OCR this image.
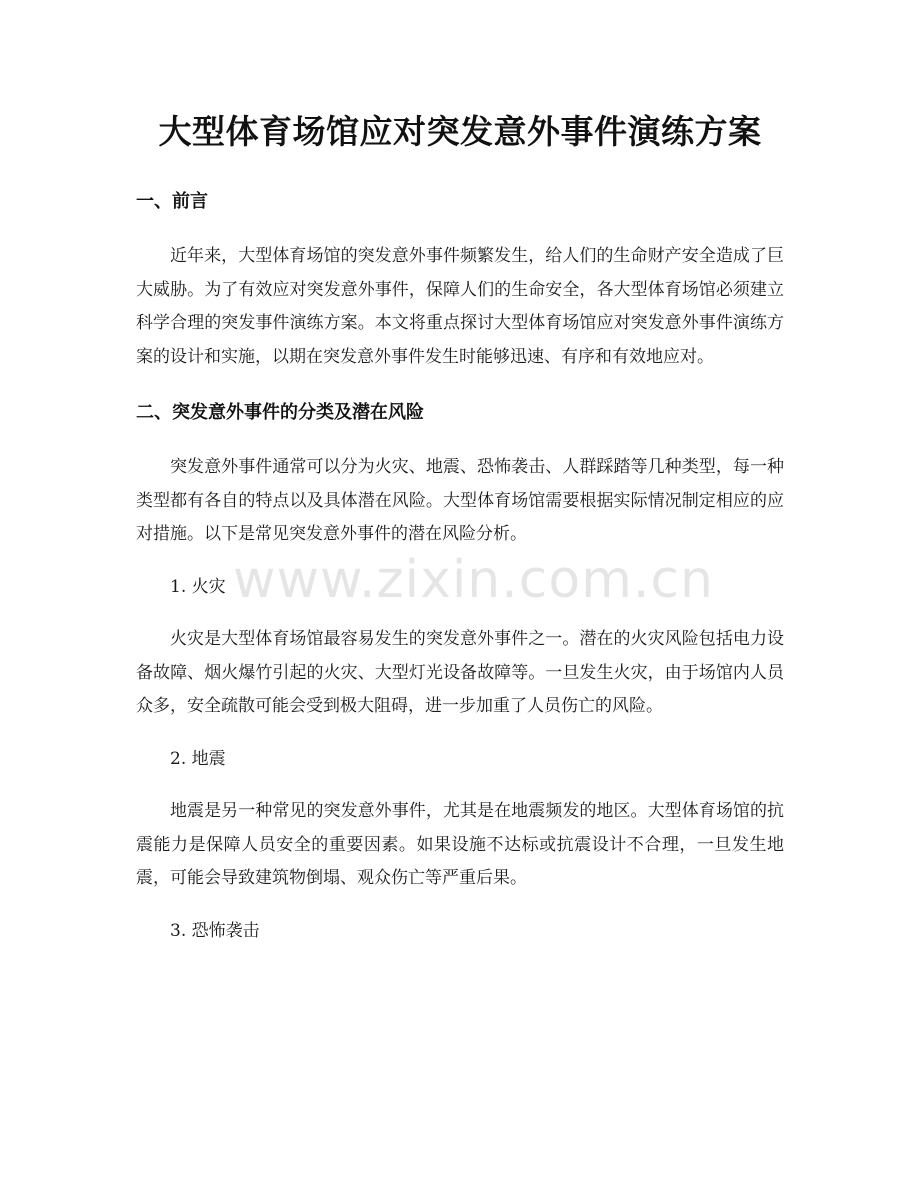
大型体育场馆应对突发意外事件演练方案
一、前言

近年来，大型体育场馆的突发意外事件频繁发生，给人们的生命财产安全造成了巨大威胁。为了有效应对突发意外事件，保障人们的生命安全，各大型体育场馆必须建立科学合理的突发事件演练方案。本文将重点探讨大型体育场馆应对突发意外事件演练方案的设计和实施，以期在突发意外事件发生时能够迅速、有序和有效地应对。

二、突发意外事件的分类及潜在风险

突发意外事件通常可以分为火灾、地震、恐怖袭击、人群踩踏等几种类型，每一种类型都有各自的特点以及具体潜在风险。大型体育场馆需要根据实际情况制定相应的应对措施。以下是常见突发意外事件的潜在风险分析。

1. 火灾

火灾是大型体育场馆最容易发生的突发意外事件之一。潜在的火灾风险包括电力设备故障、烟火爆竹引起的火灾、大型灯光设备故障等。一旦发生火灾，由于场馆内人员众多，安全疏散可能会受到极大阻碍，进一步加重了人员伤亡的风险。

2. 地震

地震是另一种常见的突发意外事件，尤其是在地震频发的地区。大型体育场馆的抗震能力是保障人员安全的重要因素。如果设施不达标或抗震设计不合理，一旦发生地震，可能会导致建筑物倒塌、观众伤亡等严重后果。

3. 恐怖袭击

www.zixin.com.cn
